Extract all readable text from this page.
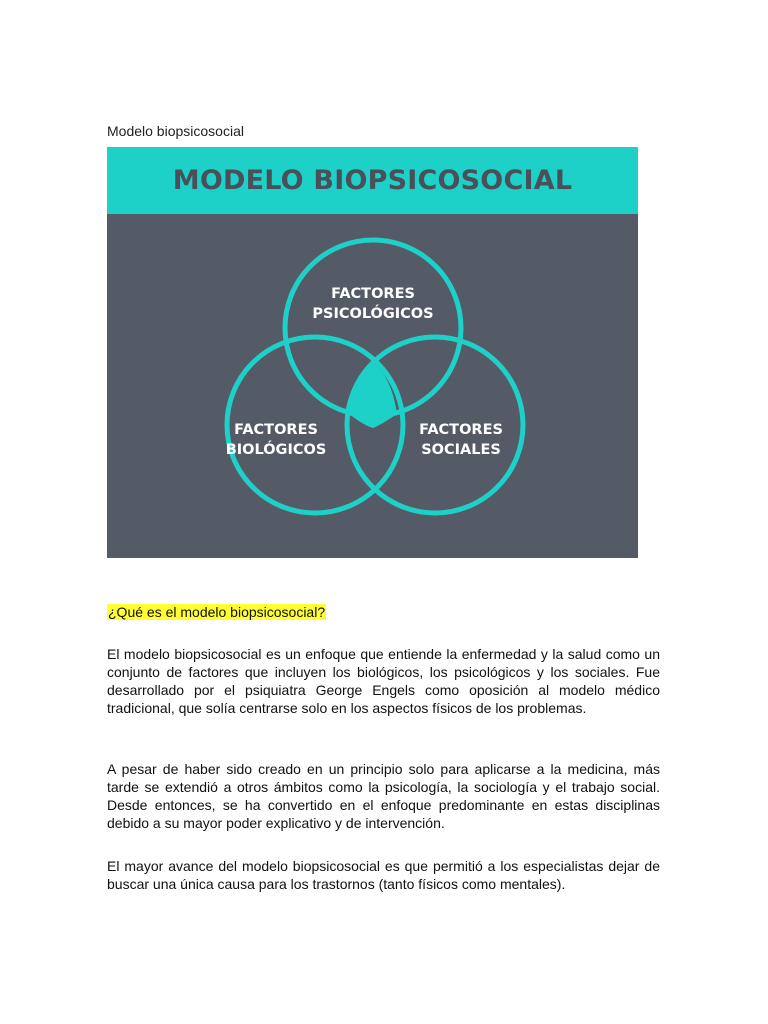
Modelo biopsicosocial
MODELO BIOPSICOSOCIAL
FACTORES
PSICOLÓGICOS
FACTORES
BIOLÓGICOS
FACTORES
SOCIALES
¿Qué es el modelo biopsicosocial?

El modelo biopsicosocial es un enfoque que entiende la enfermedad y la salud como un conjunto de factores que incluyen los biológicos, los psicológicos y los sociales. Fue desarrollado por el psiquiatra George Engels como oposición al modelo médico tradicional, que solía centrarse solo en los aspectos físicos de los problemas.

A pesar de haber sido creado en un principio solo para aplicarse a la medicina, más tarde se extendió a otros ámbitos como la psicología, la sociología y el trabajo social. Desde entonces, se ha convertido en el enfoque predominante en estas disciplinas debido a su mayor poder explicativo y de intervención.

El mayor avance del modelo biopsicosocial es que permitió a los especialistas dejar de buscar una única causa para los trastornos (tanto físicos como mentales).
